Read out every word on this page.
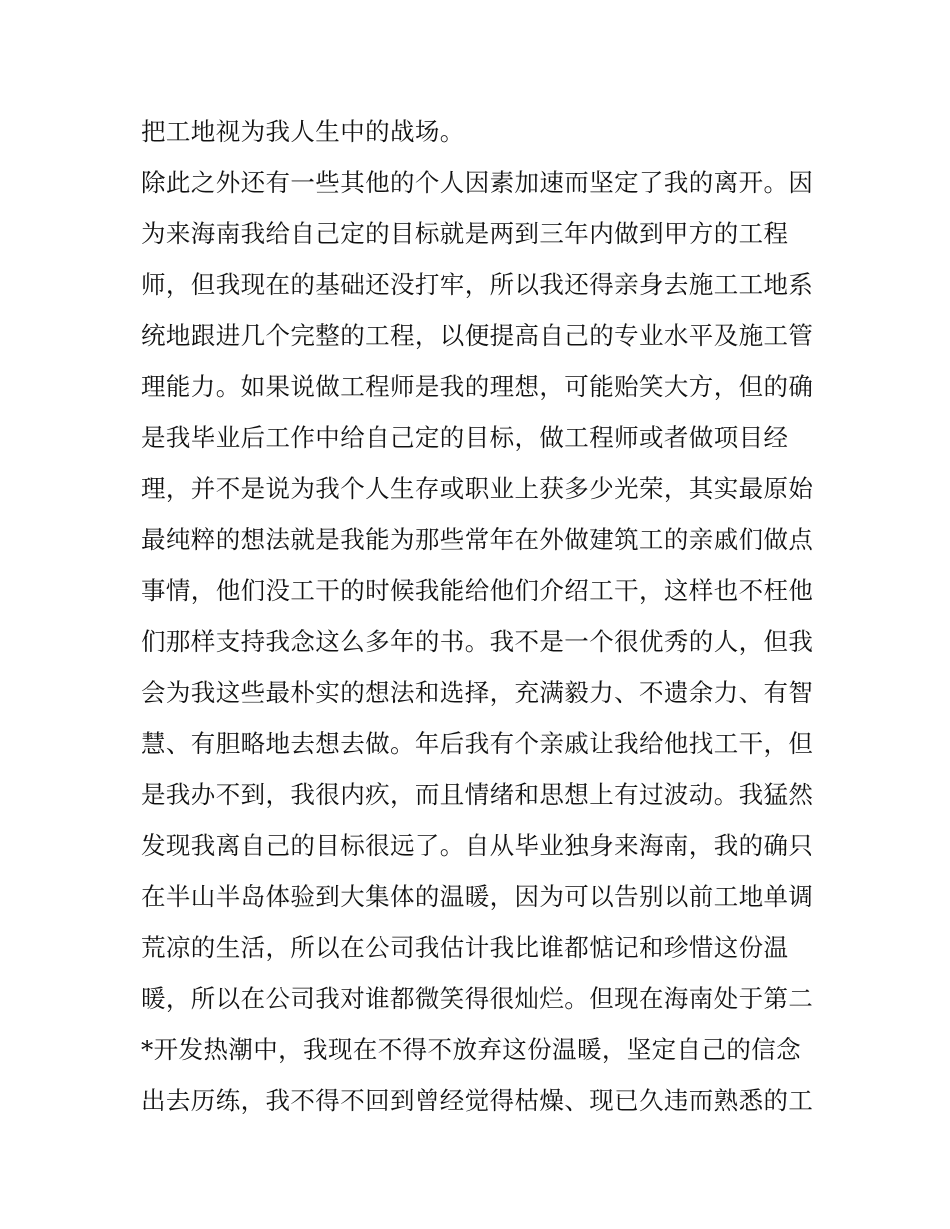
把工地视为我人生中的战场。
除此之外还有一些其他的个人因素加速而坚定了我的离开。因
为来海南我给自己定的目标就是两到三年内做到甲方的工程
师，但我现在的基础还没打牢，所以我还得亲身去施工工地系
统地跟进几个完整的工程，以便提高自己的专业水平及施工管
理能力。如果说做工程师是我的理想，可能贻笑大方，但的确
是我毕业后工作中给自己定的目标，做工程师或者做项目经
理，并不是说为我个人生存或职业上获多少光荣，其实最原始
最纯粹的想法就是我能为那些常年在外做建筑工的亲戚们做点
事情，他们没工干的时候我能给他们介绍工干，这样也不枉他
们那样支持我念这么多年的书。我不是一个很优秀的人，但我
会为我这些最朴实的想法和选择，充满毅力、不遗余力、有智
慧、有胆略地去想去做。年后我有个亲戚让我给他找工干，但
是我办不到，我很内疚，而且情绪和思想上有过波动。我猛然
发现我离自己的目标很远了。自从毕业独身来海南，我的确只
在半山半岛体验到大集体的温暖，因为可以告别以前工地单调
荒凉的生活，所以在公司我估计我比谁都惦记和珍惜这份温
暖，所以在公司我对谁都微笑得很灿烂。但现在海南处于第二
*开发热潮中，我现在不得不放弃这份温暖，坚定自己的信念
出去历练，我不得不回到曾经觉得枯燥、现已久违而熟悉的工
